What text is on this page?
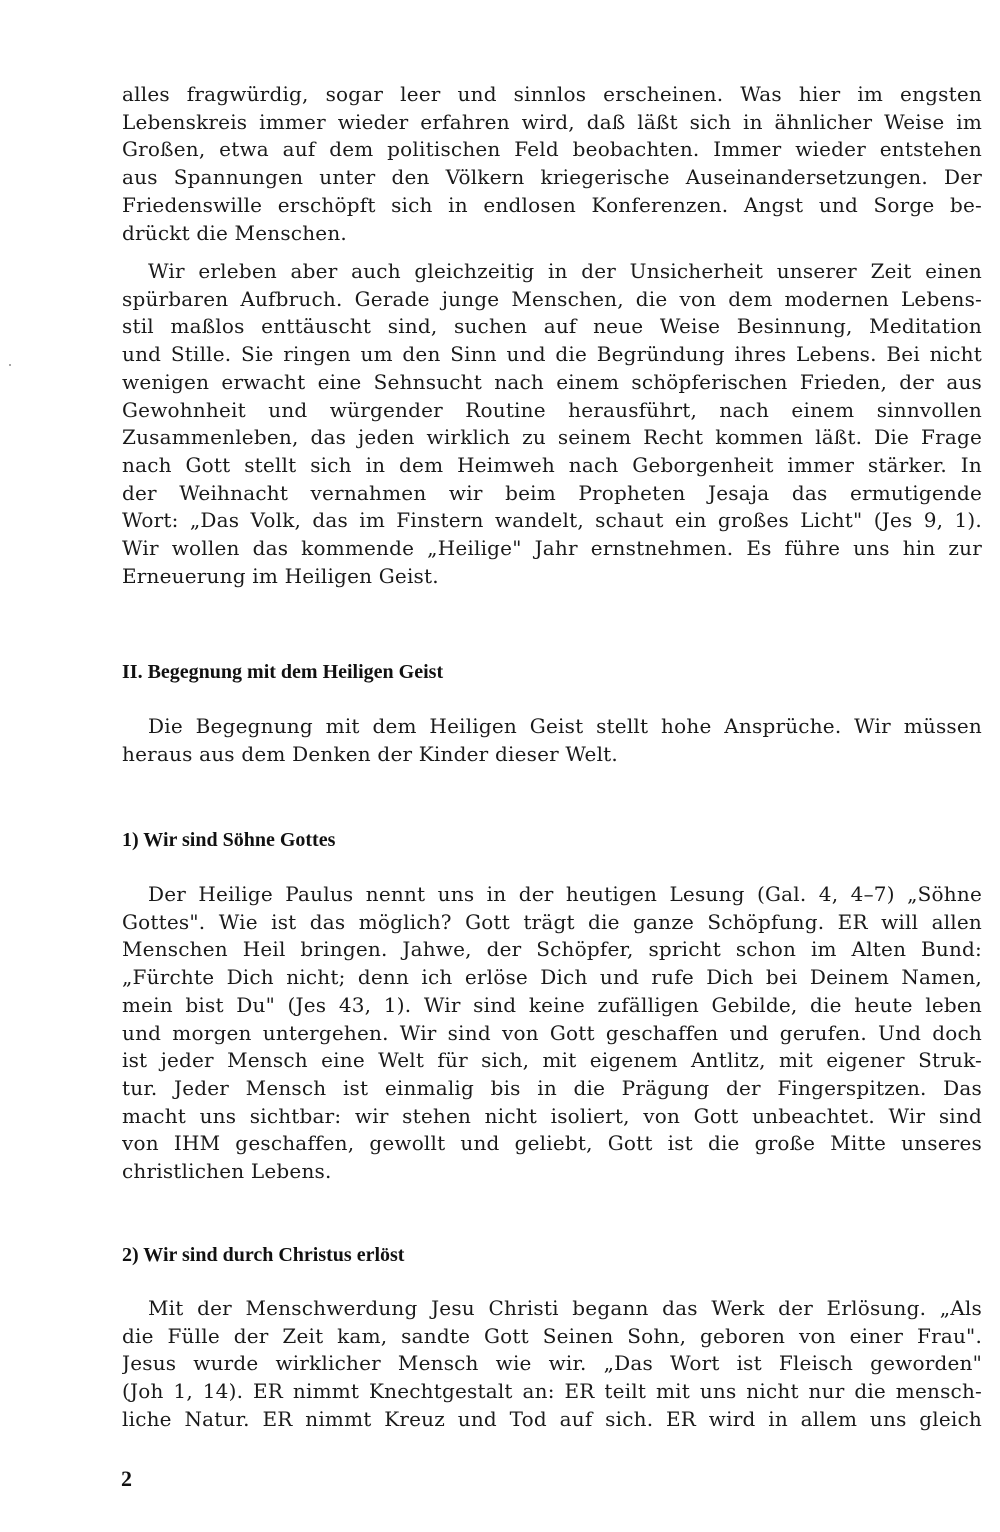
alles fragwürdig, sogar leer und sinnlos erscheinen. Was hier im engsten
Lebenskreis immer wieder erfahren wird, daß läßt sich in ähnlicher Weise im
Großen, etwa auf dem politischen Feld beobachten. Immer wieder entstehen
aus Spannungen unter den Völkern kriegerische Auseinandersetzungen. Der
Friedenswille erschöpft sich in endlosen Konferenzen. Angst und Sorge be-
drückt die Menschen.
Wir erleben aber auch gleichzeitig in der Unsicherheit unserer Zeit einen
spürbaren Aufbruch. Gerade junge Menschen, die von dem modernen Lebens-
stil maßlos enttäuscht sind, suchen auf neue Weise Besinnung, Meditation
und Stille. Sie ringen um den Sinn und die Begründung ihres Lebens. Bei nicht
wenigen erwacht eine Sehnsucht nach einem schöpferischen Frieden, der aus
Gewohnheit und würgender Routine herausführt, nach einem sinnvollen
Zusammenleben, das jeden wirklich zu seinem Recht kommen läßt. Die Frage
nach Gott stellt sich in dem Heimweh nach Geborgenheit immer stärker. In
der Weihnacht vernahmen wir beim Propheten Jesaja das ermutigende
Wort: „Das Volk, das im Finstern wandelt, schaut ein großes Licht" (Jes 9, 1).
Wir wollen das kommende „Heilige" Jahr ernstnehmen. Es führe uns hin zur
Erneuerung im Heiligen Geist.
II. Begegnung mit dem Heiligen Geist
Die Begegnung mit dem Heiligen Geist stellt hohe Ansprüche. Wir müssen
heraus aus dem Denken der Kinder dieser Welt.
1) Wir sind Söhne Gottes
Der Heilige Paulus nennt uns in der heutigen Lesung (Gal. 4, 4–7) „Söhne
Gottes". Wie ist das möglich? Gott trägt die ganze Schöpfung. ER will allen
Menschen Heil bringen. Jahwe, der Schöpfer, spricht schon im Alten Bund:
„Fürchte Dich nicht; denn ich erlöse Dich und rufe Dich bei Deinem Namen,
mein bist Du" (Jes 43, 1). Wir sind keine zufälligen Gebilde, die heute leben
und morgen untergehen. Wir sind von Gott geschaffen und gerufen. Und doch
ist jeder Mensch eine Welt für sich, mit eigenem Antlitz, mit eigener Struk-
tur. Jeder Mensch ist einmalig bis in die Prägung der Fingerspitzen. Das
macht uns sichtbar: wir stehen nicht isoliert, von Gott unbeachtet. Wir sind
von IHM geschaffen, gewollt und geliebt, Gott ist die große Mitte unseres
christlichen Lebens.
2) Wir sind durch Christus erlöst
Mit der Menschwerdung Jesu Christi begann das Werk der Erlösung. „Als
die Fülle der Zeit kam, sandte Gott Seinen Sohn, geboren von einer Frau".
Jesus wurde wirklicher Mensch wie wir. „Das Wort ist Fleisch geworden"
(Joh 1, 14). ER nimmt Knechtgestalt an: ER teilt mit uns nicht nur die mensch-
liche Natur. ER nimmt Kreuz und Tod auf sich. ER wird in allem uns gleich
2
